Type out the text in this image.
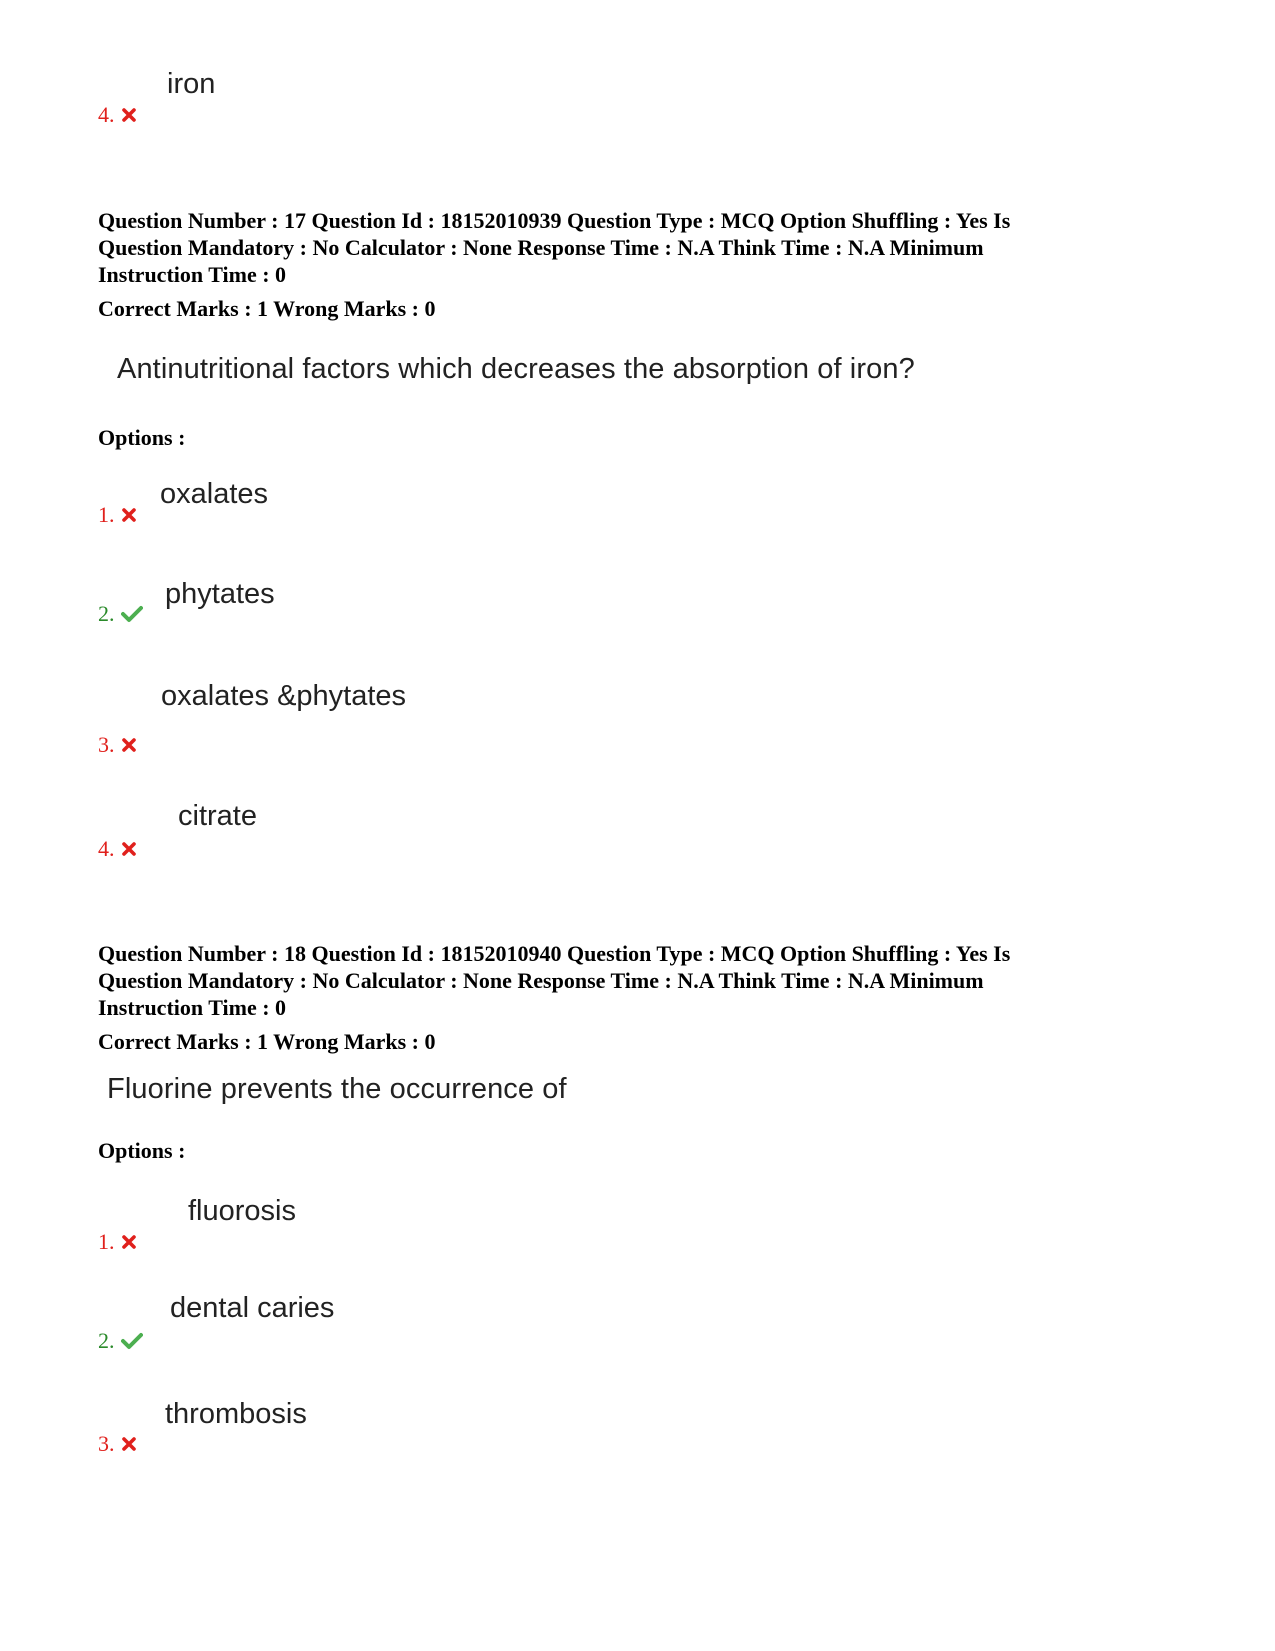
iron
4.

Question Number : 17 Question Id : 18152010939 Question Type : MCQ Option Shuffling : Yes Is

Question Mandatory : No Calculator : None Response Time : N.A Think Time : N.A Minimum

Instruction Time : 0

Correct Marks : 1 Wrong Marks : 0
Antinutritional factors which decreases the absorption of iron?
Options :
oxalates
1.
phytates
2.
oxalates &phytates
3.
citrate
4.

Question Number : 18 Question Id : 18152010940 Question Type : MCQ Option Shuffling : Yes Is

Question Mandatory : No Calculator : None Response Time : N.A Think Time : N.A Minimum

Instruction Time : 0

Correct Marks : 1 Wrong Marks : 0
Fluorine prevents the occurrence of
Options :
fluorosis
1.
dental caries
2.
thrombosis
3.
